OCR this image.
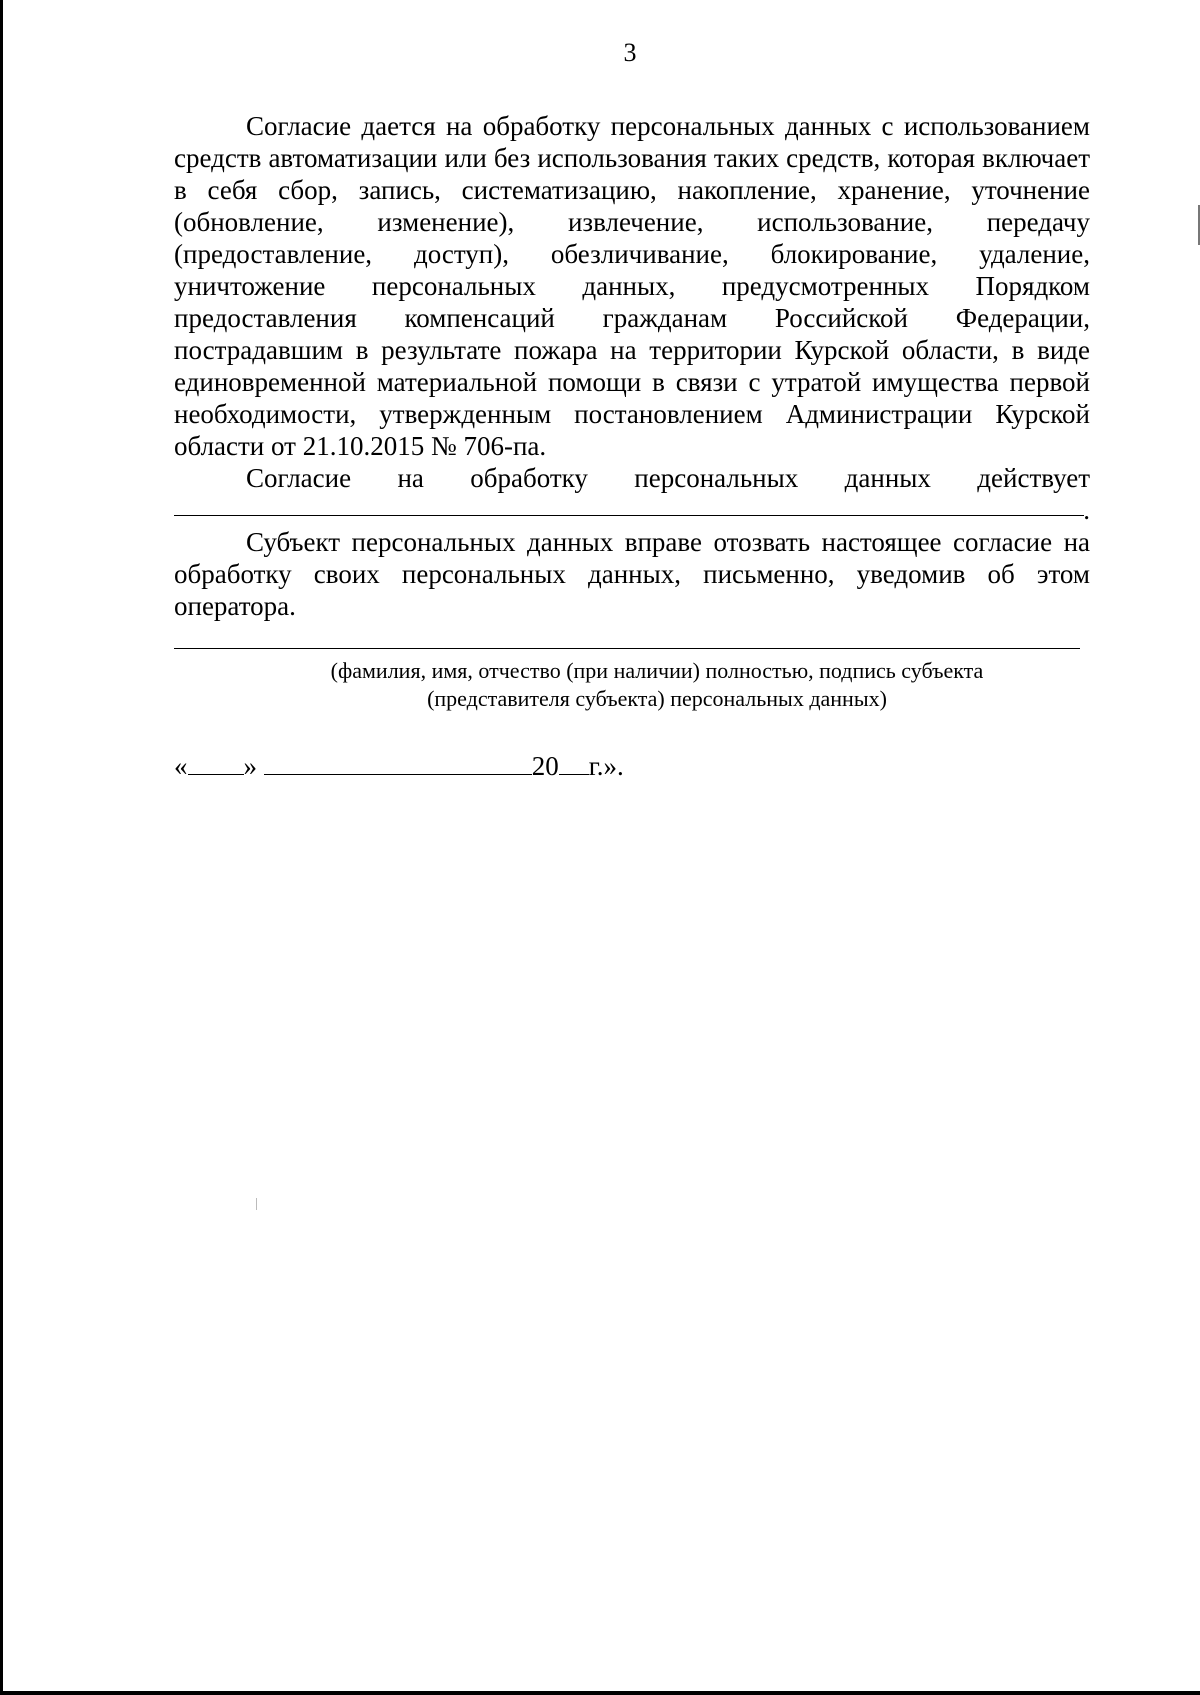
3

Согласие дается на обработку персональных данных с использованием средств автоматизации или без использования таких средств, которая включает в себя сбор, запись, систематизацию, накопление, хранение, уточнение (обновление, изменение), извлечение, использование, передачу (предоставление, доступ), обезличивание, блокирование, удаление, уничтожение персональных данных, предусмотренных Порядком предоставления компенсаций гражданам Российской Федерации, пострадавшим в результате пожара на территории Курской области, в виде единовременной материальной помощи в связи с утратой имущества первой необходимости, утвержденным постановлением Администрации Курской области от 21.10.2015 № 706-па.

Согласие на обработку персональных данных действует

.

Субъект персональных данных вправе отозвать настоящее согласие на обработку своих персональных данных, письменно, уведомив об этом оператора.

(фамилия, имя, отчество (при наличии) полностью, подпись субъекта
(представителя субъекта) персональных данных)
« »	20 г.».
